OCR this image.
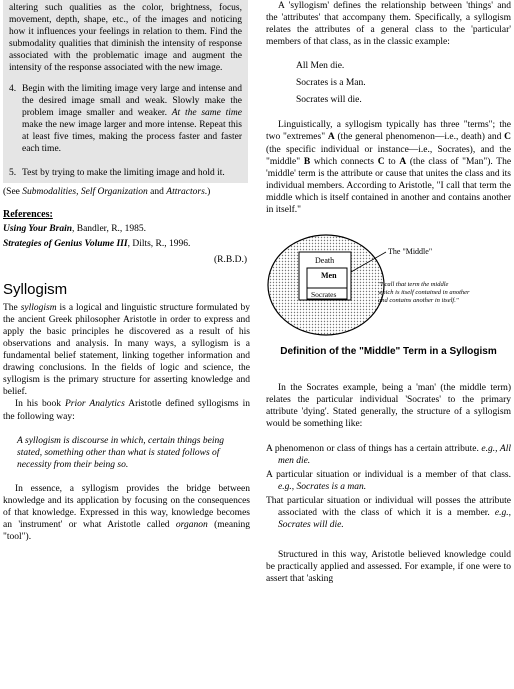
altering such qualities as the color, brightness, focus, movement, depth, shape, etc., of the images and noticing how it influences your feelings in relation to them. Find the submodality qualities that diminish the intensity of response associated with the problematic image and augment the intensity of the response associated with the new image.

4. Begin with the limiting image very large and intense and the desired image small and weak. Slowly make the problem image smaller and weaker. At the same time make the new image larger and more intense. Repeat this at least five times, making the process faster and faster each time.
5. Test by trying to make the limiting image and hold it.

(See Submodalities, Self Organization and Attractors.)

References:
Using Your Brain, Bandler, R., 1985.
Strategies of Genius Volume III, Dilts, R., 1996.
(R.B.D.)
Syllogism

The syllogism is a logical and linguistic structure formulated by the ancient Greek philosopher Aristotle in order to express and apply the basic principles he discovered as a result of his observations and analysis. In many ways, a syllogism is a fundamental belief statement, linking together information and drawing conclusions. In the fields of logic and science, the syllogism is the primary structure for asserting knowledge and belief.

In his book Prior Analytics Aristotle defined syllogisms in the following way:

A syllogism is discourse in which, certain things being stated, something other than what is stated follows of necessity from their being so.

In essence, a syllogism provides the bridge between knowledge and its application by focusing on the consequences of that knowledge. Expressed in this way, knowledge becomes an 'instrument' or what Aristotle called organon (meaning "tool").

A 'syllogism' defines the relationship between 'things' and the 'attributes' that accompany them. Specifically, a syllogism relates the attributes of a general class to the 'particular' members of that class, as in the classic example:

All Men die.
Socrates is a Man.
Socrates will die.

Linguistically, a syllogism typically has three "terms"; the two "extremes" A (the general phenomenon—i.e., death) and C (the specific individual or instance—i.e., Socrates), and the "middle" B which connects C to A (the class of "Man"). The 'middle' term is the attribute or cause that unites the class and its individual members. According to Aristotle, "I call that term the middle which is itself contained in another and contains another in itself."

Death
Men
Socrates
The "Middle"
"I call that term the middle which is itself contained in another and contains another in itself."
Definition of the "Middle" Term in a Syllogism

In the Socrates example, being a 'man' (the middle term) relates the particular individual 'Socrates' to the primary attribute 'dying'. Stated generally, the structure of a syllogism would be something like:

A phenomenon or class of things has a certain attribute. e.g., All men die.
A particular situation or individual is a member of that class. e.g., Socrates is a man.
That particular situation or individual will posses the attribute associated with the class of which it is a member. e.g., Socrates will die.

Structured in this way, Aristotle believed knowledge could be practically applied and assessed. For example, if one were to assert that 'asking
